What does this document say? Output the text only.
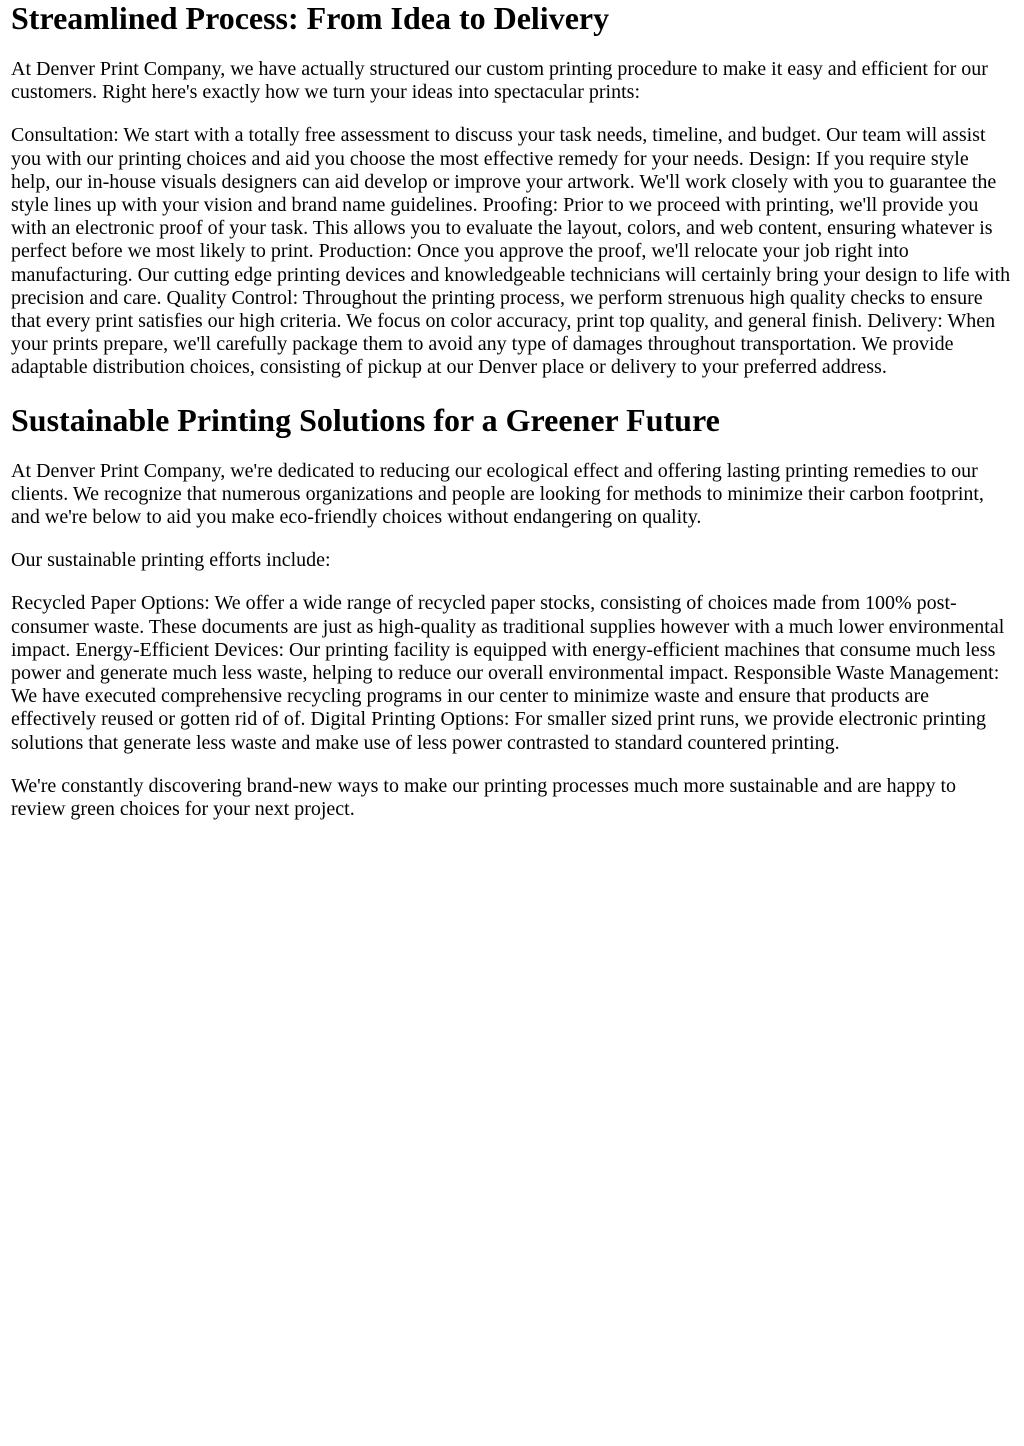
Streamlined Process: From Idea to Delivery

At Denver Print Company, we have actually structured our custom printing procedure to make it easy and efficient for our customers. Right here's exactly how we turn your ideas into spectacular prints:

Consultation: We start with a totally free assessment to discuss your task needs, timeline, and budget. Our team will assist you with our printing choices and aid you choose the most effective remedy for your needs. Design: If you require style help, our in-house visuals designers can aid develop or improve your artwork. We'll work closely with you to guarantee the style lines up with your vision and brand name guidelines. Proofing: Prior to we proceed with printing, we'll provide you with an electronic proof of your task. This allows you to evaluate the layout, colors, and web content, ensuring whatever is perfect before we most likely to print. Production: Once you approve the proof, we'll relocate your job right into manufacturing. Our cutting edge printing devices and knowledgeable technicians will certainly bring your design to life with precision and care. Quality Control: Throughout the printing process, we perform strenuous high quality checks to ensure that every print satisfies our high criteria. We focus on color accuracy, print top quality, and general finish. Delivery: When your prints prepare, we'll carefully package them to avoid any type of damages throughout transportation. We provide adaptable distribution choices, consisting of pickup at our Denver place or delivery to your preferred address.

Sustainable Printing Solutions for a Greener Future

At Denver Print Company, we're dedicated to reducing our ecological effect and offering lasting printing remedies to our clients. We recognize that numerous organizations and people are looking for methods to minimize their carbon footprint, and we're below to aid you make eco-friendly choices without endangering on quality.

Our sustainable printing efforts include:

Recycled Paper Options: We offer a wide range of recycled paper stocks, consisting of choices made from 100% post-consumer waste. These documents are just as high-quality as traditional supplies however with a much lower environmental impact. Energy-Efficient Devices: Our printing facility is equipped with energy-efficient machines that consume much less power and generate much less waste, helping to reduce our overall environmental impact. Responsible Waste Management: We have executed comprehensive recycling programs in our center to minimize waste and ensure that products are effectively reused or gotten rid of of. Digital Printing Options: For smaller sized print runs, we provide electronic printing solutions that generate less waste and make use of less power contrasted to standard countered printing.

We're constantly discovering brand-new ways to make our printing processes much more sustainable and are happy to review green choices for your next project.
